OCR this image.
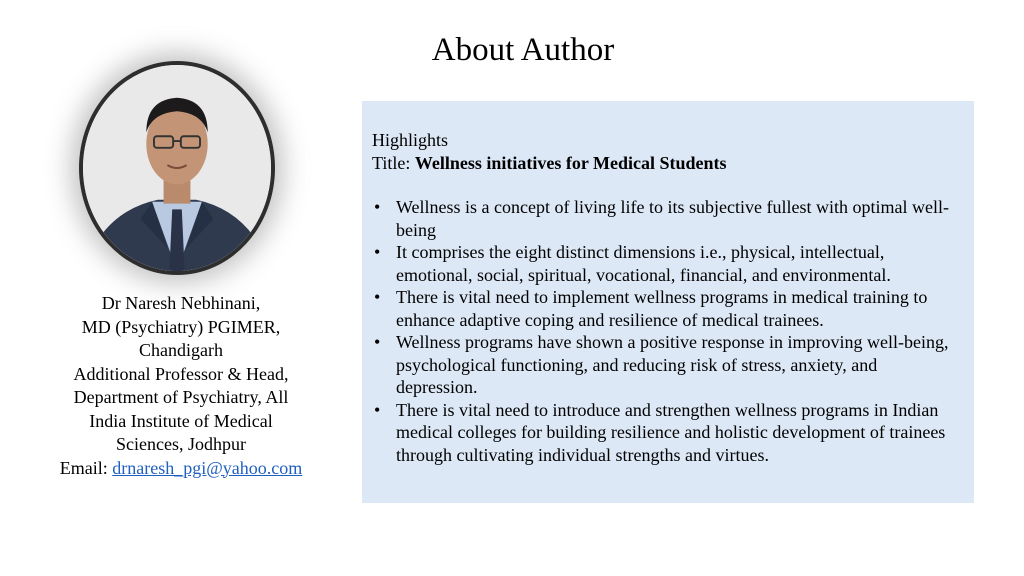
About Author
Dr Naresh Nebhinani,
MD (Psychiatry) PGIMER,
Chandigarh
Additional Professor & Head,
Department of Psychiatry, All
India Institute of Medical
Sciences, Jodhpur
Email: drnaresh_pgi@yahoo.com
Highlights
Title: Wellness initiatives for Medical Students
• Wellness is a concept of living life to its subjective fullest with optimal well-being
• It comprises the eight distinct dimensions i.e., physical, intellectual, emotional, social, spiritual, vocational, financial, and environmental.
• There is vital need to implement wellness programs in medical training to enhance adaptive coping and resilience of medical trainees.
• Wellness programs have shown a positive response in improving well-being, psychological functioning, and reducing risk of stress, anxiety, and depression.
• There is vital need to introduce and strengthen wellness programs in Indian medical colleges for building resilience and holistic development of trainees through cultivating individual strengths and virtues.
